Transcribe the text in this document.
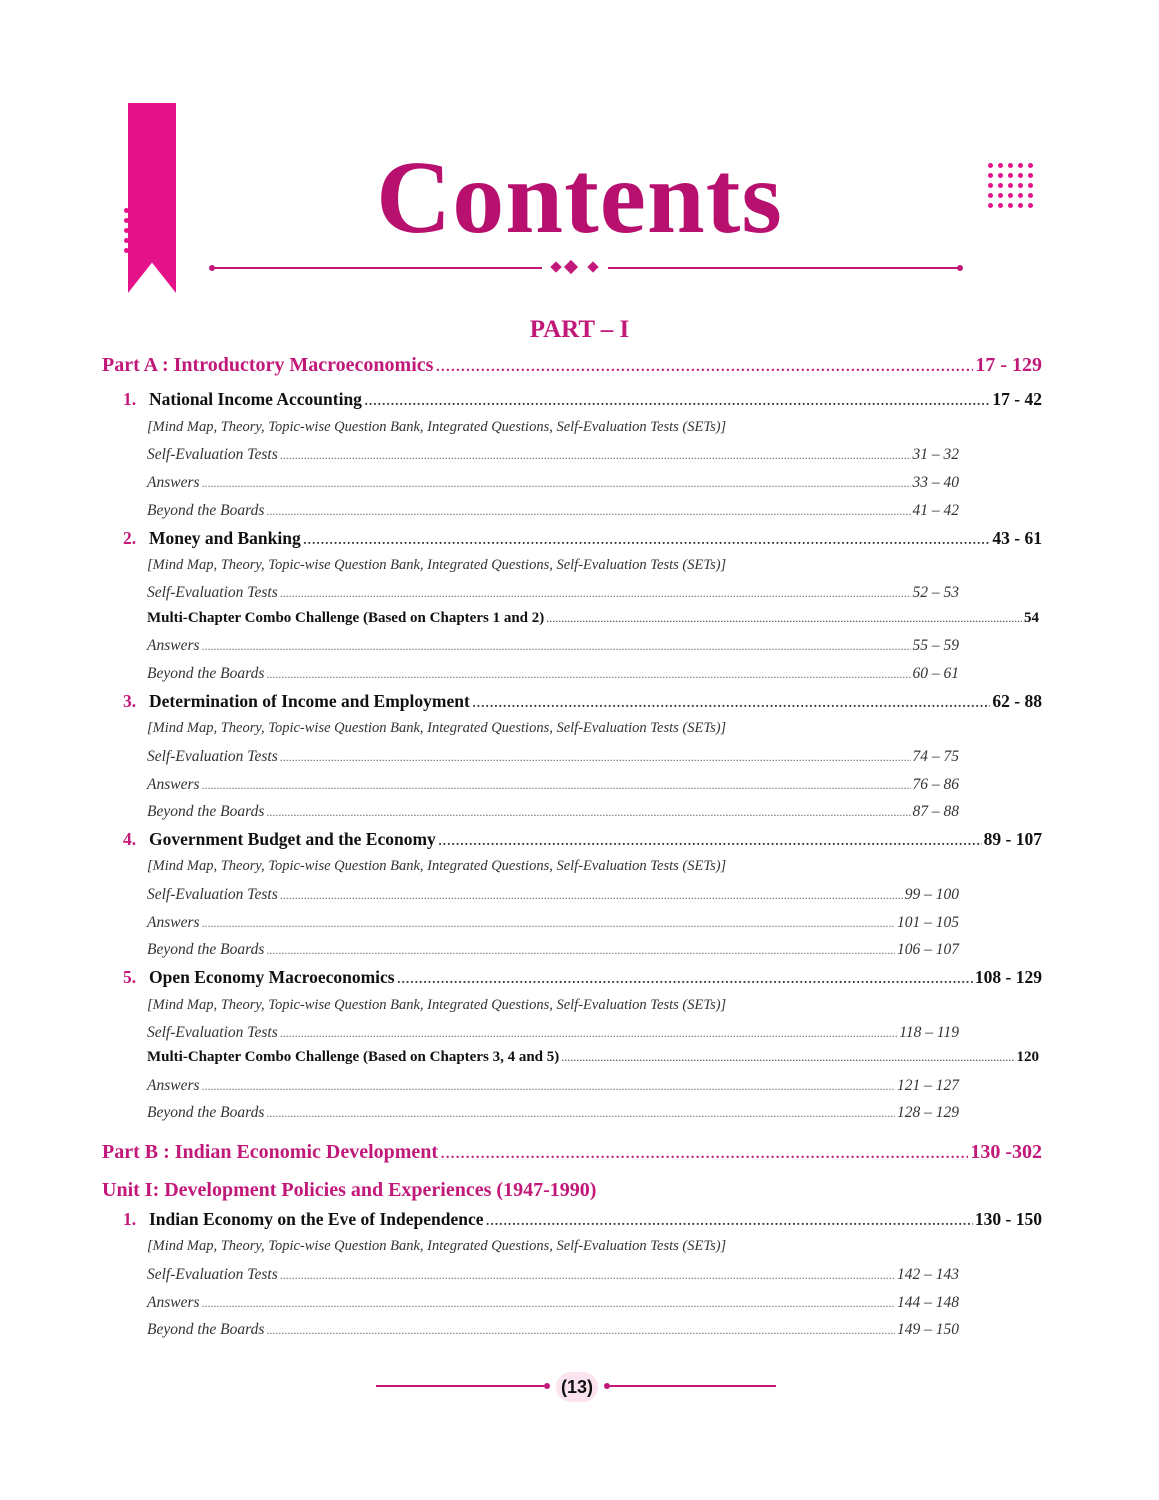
Contents
PART – I
Part A : Introductory Macroeconomics .....	17 - 129
1. National Income Accounting .....	17 - 42
[Mind Map, Theory, Topic-wise Question Bank, Integrated Questions, Self-Evaluation Tests (SETs)]
Self-Evaluation Tests .....	31 – 32
Answers .....	33 – 40
Beyond the Boards .....	41 – 42
2. Money and Banking .....	43 - 61
[Mind Map, Theory, Topic-wise Question Bank, Integrated Questions, Self-Evaluation Tests (SETs)]
Self-Evaluation Tests .....	52 – 53
Multi-Chapter Combo Challenge (Based on Chapters 1 and 2) .....	54
Answers .....	55 – 59
Beyond the Boards .....	60 – 61
3. Determination of Income and Employment .....	62 - 88
[Mind Map, Theory, Topic-wise Question Bank, Integrated Questions, Self-Evaluation Tests (SETs)]
Self-Evaluation Tests .....	74 – 75
Answers .....	76 – 86
Beyond the Boards .....	87 – 88
4. Government Budget and the Economy .....	89 - 107
[Mind Map, Theory, Topic-wise Question Bank, Integrated Questions, Self-Evaluation Tests (SETs)]
Self-Evaluation Tests .....	99 – 100
Answers .....	101 – 105
Beyond the Boards .....	106 – 107
5. Open Economy Macroeconomics .....	108 - 129
[Mind Map, Theory, Topic-wise Question Bank, Integrated Questions, Self-Evaluation Tests (SETs)]
Self-Evaluation Tests .....	118 – 119
Multi-Chapter Combo Challenge (Based on Chapters 3, 4 and 5) .....	120
Answers .....	121 – 127
Beyond the Boards .....	128 – 129
Part B : Indian Economic Development .....	130 -302
Unit I: Development Policies and Experiences (1947-1990)
1. Indian Economy on the Eve of Independence .....	130 - 150
[Mind Map, Theory, Topic-wise Question Bank, Integrated Questions, Self-Evaluation Tests (SETs)]
Self-Evaluation Tests .....	142 – 143
Answers .....	144 – 148
Beyond the Boards .....	149 – 150
(13)
